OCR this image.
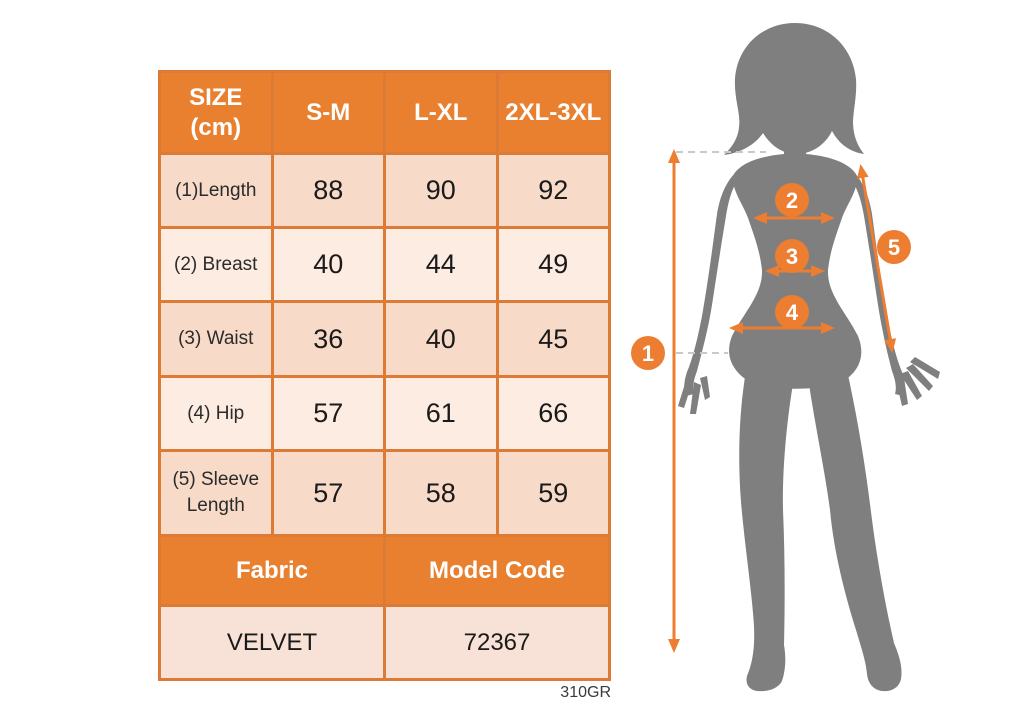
SIZE
(cm)	S-M	L-XL	2XL-3XL
(1)Length	88	90	92
(2) Breast	40	44	49
(3) Waist	36	40	45
(4) Hip	57	61	66
(5) Sleeve Length	57	58	59
Fabric		Model Code	
VELVET		72367	
310GR
1
2
3
4
5
